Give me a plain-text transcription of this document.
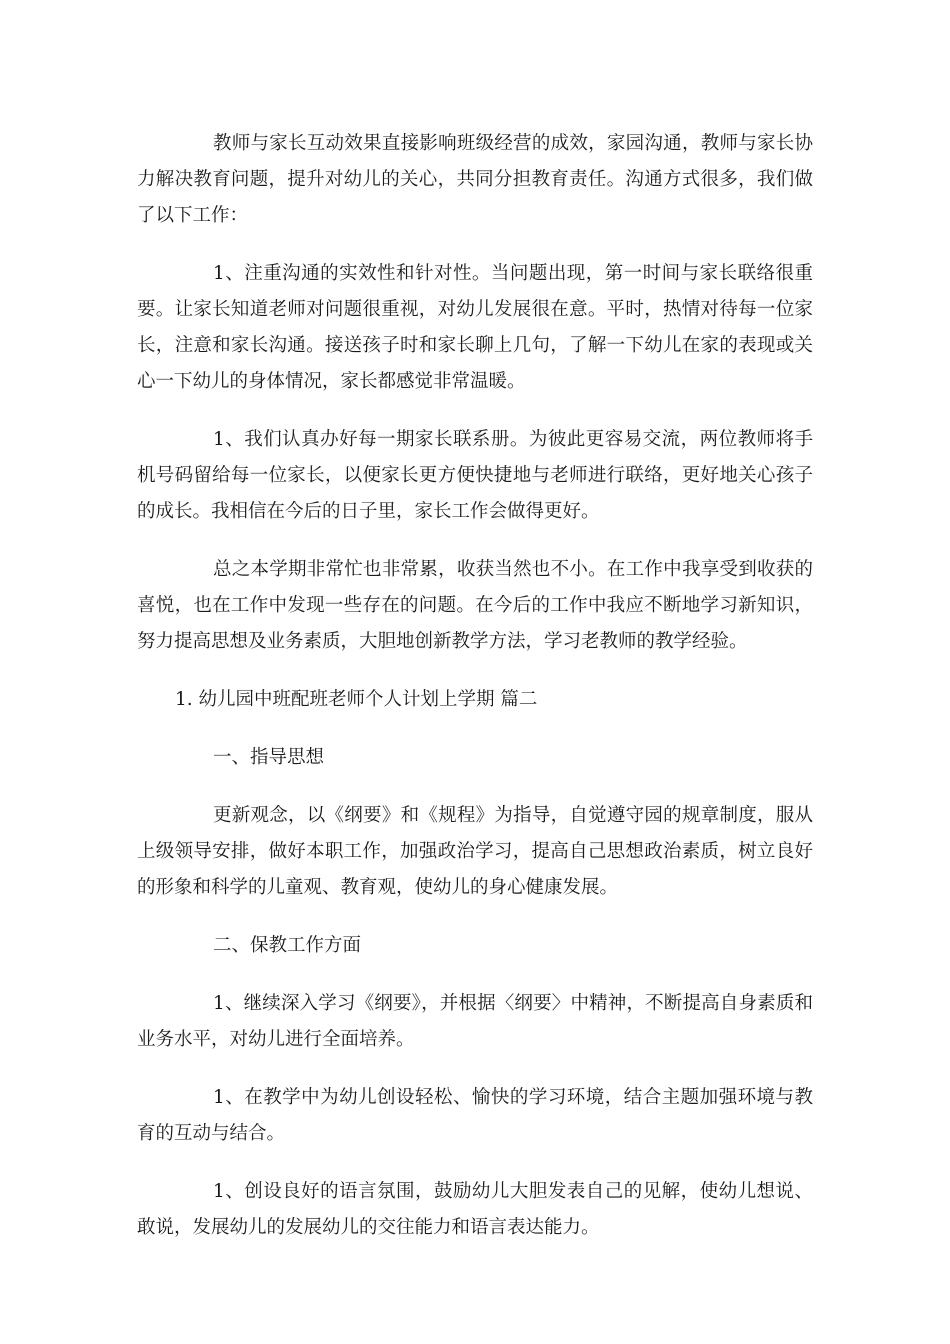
教师与家长互动效果直接影响班级经营的成效，家园沟通，教师与家长协力解决教育问题，提升对幼儿的关心，共同分担教育责任。沟通方式很多，我们做了以下工作：

1、注重沟通的实效性和针对性。当问题出现，第一时间与家长联络很重要。让家长知道老师对问题很重视，对幼儿发展很在意。平时，热情对待每一位家长，注意和家长沟通。接送孩子时和家长聊上几句，了解一下幼儿在家的表现或关心一下幼儿的身体情况，家长都感觉非常温暖。

1、我们认真办好每一期家长联系册。为彼此更容易交流，两位教师将手机号码留给每一位家长，以便家长更方便快捷地与老师进行联络，更好地关心孩子的成长。我相信在今后的日子里，家长工作会做得更好。

总之本学期非常忙也非常累，收获当然也不小。在工作中我享受到收获的喜悦，也在工作中发现一些存在的问题。在今后的工作中我应不断地学习新知识，努力提高思想及业务素质，大胆地创新教学方法，学习老教师的教学经验。

1. 幼儿园中班配班老师个人计划上学期 篇二

一、指导思想

更新观念，以《纲要》和《规程》为指导，自觉遵守园的规章制度，服从上级领导安排，做好本职工作，加强政治学习，提高自己思想政治素质，树立良好的形象和科学的儿童观、教育观，使幼儿的身心健康发展。

二、保教工作方面

1、继续深入学习《纲要》，并根据〈纲要〉中精神，不断提高自身素质和业务水平，对幼儿进行全面培养。

1、在教学中为幼儿创设轻松、愉快的学习环境，结合主题加强环境与教育的互动与结合。

1、创设良好的语言氛围，鼓励幼儿大胆发表自己的见解，使幼儿想说、敢说，发展幼儿的发展幼儿的交往能力和语言表达能力。
